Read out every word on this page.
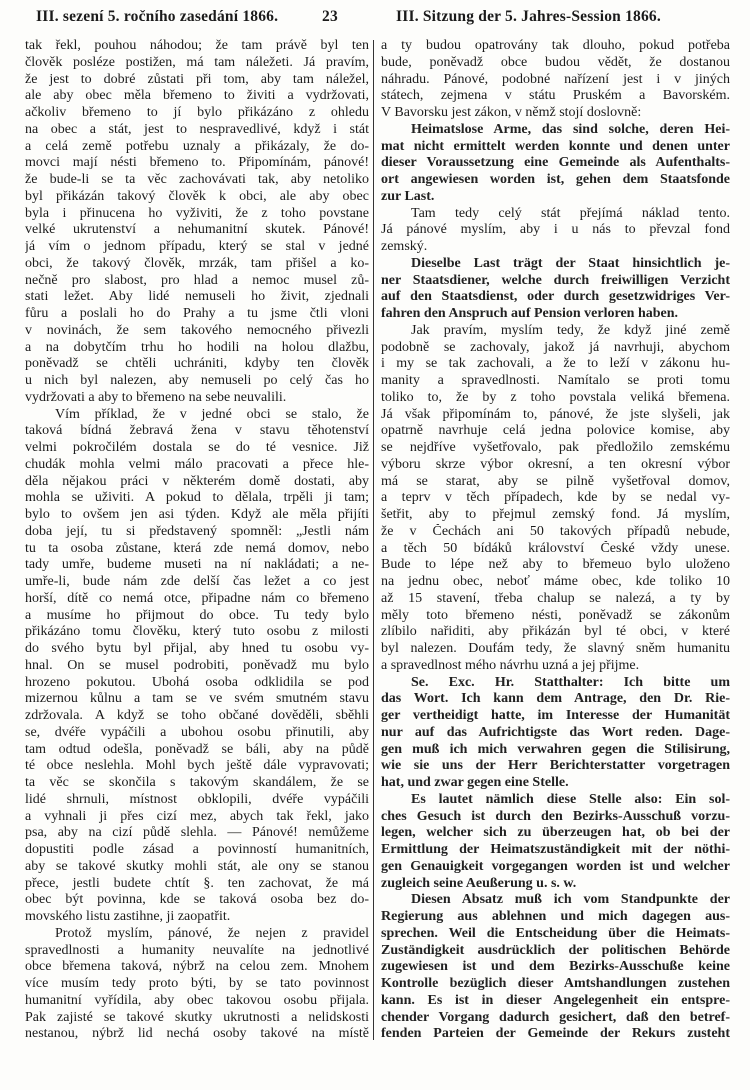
III. sezení 5. ročního zasedání 1866.	23	III. Sitzung der 5. Jahres-Session 1866.
tak řekl, pouhou náhodou; že tam právě byl ten
člověk posléze postižen, má tam náležeti. Já pravím,
že jest to dobré zůstati při tom, aby tam náležel,
ale aby obec měla břemeno to živiti a vydržovati,
ačkoliv břemeno to jí bylo přikázáno z ohledu
na obec a stát, jest to nespravedlivé, když i stát
a celá země potřebu uznaly a přikázaly, že do-
movci mají nésti břemeno to. Připomínám, pánové!
že bude-li se ta věc zachovávati tak, aby netoliko
byl přikázán takový člověk k obci, ale aby obec
byla i přinucena ho vyživiti, že z toho povstane
velké ukrutenství a nehumanitní skutek. Pánové!
já vím o jednom případu, který se stal v jedné
obci, že takový člověk, mrzák, tam přišel a ko-
nečně pro slabost, pro hlad a nemoc musel zů-
stati ležet. Aby lidé nemuseli ho živit, zjednali
fůru a poslali ho do Prahy a tu jsme čtli vloni
v novinách, že sem takového nemocného přivezli
a na dobytčím trhu ho hodili na holou dlažbu,
poněvadž se chtěli uchrániti, kdyby ten člověk
u nich byl nalezen, aby nemuseli po celý čas ho
vydržovati a aby to břemeno na sebe neuvalili.
Vím příklad, že v jedné obci se stalo, že
taková bídná žebravá žena v stavu těhotenství
velmi pokročilém dostala se do té vesnice. Již
chudák mohla velmi málo pracovati a přece hle-
děla nějakou práci v některém domě dostati, aby
mohla se uživiti. A pokud to dělala, trpěli ji tam;
bylo to ovšem jen asi týden. Když ale měla přijíti
doba její, tu si představený spomněl: „Jestli nám
tu ta osoba zůstane, která zde nemá domov, nebo
tady umře, budeme museti na ní nakládati; a ne-
umře-li, bude nám zde delší čas ležet a co jest
horší, dítě co nemá otce, připadne nám co břemeno
a musíme ho přijmout do obce. Tu tedy bylo
přikázáno tomu člověku, který tuto osobu z milosti
do svého bytu byl přijal, aby hned tu osobu vy-
hnal. On se musel podrobiti, poněvadž mu bylo
hrozeno pokutou. Ubohá osoba odklidila se pod
mizernou kůlnu a tam se ve svém smutném stavu
zdržovala. A když se toho občané dověděli, sběhli
se, dvéře vypáčili a ubohou osobu přinutili, aby
tam odtud odešla, poněvadž se báli, aby na půdě
té obce neslehla. Mohl bych ještě dále vypravovati;
ta věc se skončila s takovým skandálem, že se
lidé shrnuli, místnost obklopili, dvéře vypáčili
a vyhnali ji přes cizí mez, abych tak řekl, jako
psa, aby na cizí půdě slehla. — Pánové! nemůžeme
dopustiti podle zásad a povinností humanitních,
aby se takové skutky mohli stát, ale ony se stanou
přece, jestli budete chtít §. ten zachovat, že má
obec být povinna, kde se taková osoba bez do-
movského listu zastihne, ji zaopatřit.
Protož myslím, pánové, že nejen z pravidel
spravedlnosti a humanity neuvalíte na jednotlivé
obce břemena taková, nýbrž na celou zem. Mnohem
více musím tedy proto býti, by se tato povinnost
humanitní vyřídila, aby obec takovou osobu přijala.
Pak zajisté se takové skutky ukrutnosti a nelidskosti
nestanou, nýbrž lid nechá osoby takové na místě
a ty budou opatrovány tak dlouho, pokud potřeba
bude, poněvadž obce budou vědět, že dostanou
náhradu. Pánové, podobné nařízení jest i v jiných
státech, zejmena v státu Pruském a Bavorském.
V Bavorsku jest zákon, v němž stojí doslovně:
Heimatslose Arme, das sind solche, deren Hei-
mat nicht ermittelt werden konnte und denen unter
dieser Voraussetzung eine Gemeinde als Aufenthalts-
ort angewiesen worden ist, gehen dem Staatsfonde
zur Last.
Tam tedy celý stát přejímá náklad tento.
Já pánové myslím, aby i u nás to převzal fond
zemský.
Dieselbe Last trägt der Staat hinsichtlich je-
ner Staatsdiener, welche durch freiwilligen Verzicht
auf den Staatsdienst, oder durch gesetzwidriges Ver-
fahren den Anspruch auf Pension verloren haben.
Jak pravím, myslím tedy, že když jiné země
podobně se zachovaly, jakož já navrhuji, abychom
i my se tak zachovali, a že to leží v zákonu hu-
manity a spravedlnosti. Namítalo se proti tomu
toliko to, že by z toho povstala veliká břemena.
Já však připomínám to, pánové, že jste slyšeli, jak
opatrně navrhuje celá jedna polovice komise, aby
se nejdříve vyšetřovalo, pak předložilo zemskému
výboru skrze výbor okresní, a ten okresní výbor
má se starat, aby se pilně vyšetřoval domov,
a teprv v těch případech, kde by se nedal vy-
šetřit, aby to přejmul zemský fond. Já myslím,
že v Čechách ani 50 takových případů nebude,
a těch 50 bídáků království České vždy unese.
Bude to lépe než aby to břemeuo bylo uloženo
na jednu obec, neboť máme obec, kde toliko 10
až 15 stavení, třeba chalup se nalezá, a ty by
měly toto břemeno nésti, poněvadž se zákonům
zlíbilo nařiditi, aby přikázán byl té obci, v které
byl nalezen. Doufám tedy, že slavný sněm humanitu
a spravedlnost mého návrhu uzná a jej přijme.
Se. Exc. Hr. Statthalter: Ich bitte um
das Wort. Ich kann dem Antrage, den Dr. Rie-
ger vertheidigt hatte, im Interesse der Humanität
nur auf das Aufrichtigste das Wort reden. Dage-
gen muß ich mich verwahren gegen die Stilisirung,
wie sie uns der Herr Berichterstatter vorgetragen
hat, und zwar gegen eine Stelle.
Es lautet nämlich diese Stelle also: Ein sol-
ches Gesuch ist durch den Bezirks-Ausschuß vorzu-
legen, welcher sich zu überzeugen hat, ob bei der
Ermittlung der Heimatszuständigkeit mit der nöthi-
gen Genauigkeit vorgegangen worden ist und welcher
zugleich seine Aeußerung u. s. w.
Diesen Absatz muß ich vom Standpunkte der
Regierung aus ablehnen und mich dagegen aus-
sprechen. Weil die Entscheidung über die Heimats-
Zuständigkeit ausdrücklich der politischen Behörde
zugewiesen ist und dem Bezirks-Ausschuße keine
Kontrolle bezüglich dieser Amtshandlungen zustehen
kann. Es ist in dieser Angelegenheit ein entspre-
chender Vorgang dadurch gesichert, daß den betref-
fenden Parteien der Gemeinde der Rekurs zusteht
